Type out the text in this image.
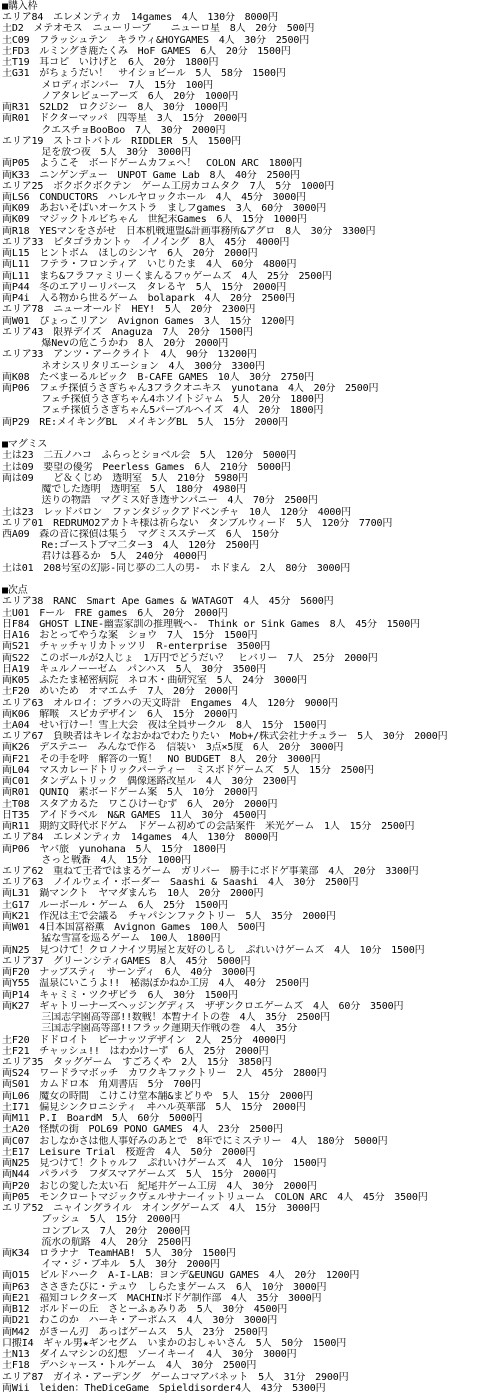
■購入枠
エリア84　エレメンティカ　14games　4人　130分　8000円
土D2　メテオモス　ニューリープ　　ニューロ星　8人　20分　500円
土C09　フラッシュテン　キラウィ&HOYGAMES　4人　30分　2500円
土FD3　ルミングき鹿たくみ　HoF GAMES　6人　20分　1500円
土T19　耳コピ　いけげと　6人　20分　1800円
土G31　がちょうだい！　サイショビール　5人　58分　1500円
　　　　メロディボンバー　7人　15分　100円
　　　　ノアタレビューアーズ　6人　20分　1000円
両R31　S2LD2　ロクジシー　8人　30分　1000円
両R01　ドクターマッパ　四等星　3人　15分　2000円
　　　　クエスチョBooBoo　7人　30分　2000円
エリア19　ストコトバトル　RIDDLER　5人　1500円
　　　　足を放つ夜　5人　30分　3000円
両P05　ようこそ　ボードゲームカフェへ！　COLON ARC　1800円
両K33　ニンゲンデュー　UNPOT Game Lab　8人　40分　2500円
エリア25　ボクボクボクテン　ゲーム工房カコムタク　7人　5分　1000円
両LS6　CONDUCTORS　ハレルヤロックホール　4人　45分　3000円
両K09　あおいそばいオーケストラ　ましフgames　3人　60分　3000円
両K09　マジックトルビちゃん　世紀末Games　6人　15分　1000円
両R18　YESマンをさがせ　日本机戦連盟&計画事務所&アグロ　8人　30分　3300円
エリア33　ピタゴラカントゥ　イノイング　8人　45分　4000円
両L15　ヒントボム　ほしのシンヤ　6人　20分　2000円
両L11　フテラ・フロンティア　いじりたま　4人　60分　4800円
両L11　まち&フラファミリーくまんるフゥゲームズ　4人　25分　2500円
両P44　冬のエアリーリバース　タレるヤ　5人　15分　2000円
両P4i　入る物から世るゲーム　bolapark　4人　20分　2500円
エリア78　ニューオールド　HEY!　5人　20分　2300円
両W01　ぴょっこリアン　Avignon Games　3人　15分　1200円
エリア43　限界デイズ　Anaguza　7人　20分　1500円
　　　　爆Nevの危こうかわ　8人　20分　2000円
エリア33　アンツ・アークライト　4人　90分　13200円
　　　　ネオシスリタリエーション　4人　300分　3300円
両K08　たべまーるルビック　B-CAFE GAMES　10人　30分　2750円
両P06　フェチ探偵うさぎちゃん3フラクオニキス　yunotana　4人　20分　2500円
　　　　フェチ探偵うさぎちゃん4ホソイトジャム　5人　20分　1800円
　　　　フェチ探偵うさぎちゃん5パープルヘイズ　4人　20分　1800円
両P29　RE:メイキングBL　メイキングBL　5人　15分　2000円
■マグミス
土は23　二五ノハコ　ふらっとショベル会　5人　120分　5000円
土は09　要望の優劣　Peerless Games　6人　210分　5000円
両は09　　ど＆くじめ　透明室　5人　210分　5980円
　　　　魔でした透明　透明室　5人　180分　4980円
　　　　送りの物語　マグミス好き透サンパニー　4人　70分　2500円
土は23　レッドバロン　ファンタジックアドベンチャ　10人　120分　4000円
エリア01　REDRUMO2アカトキ様は祈らない　タンブルウィード　5人　120分　7700円
西A09　森の音に探偵は集う　マグミスステーズ　6人　150分
　　　　Re:ゴーストブマ二ター3　4人　120分　2500円
　　　　君けは暮るか　5人　240分　4000円
土は01　208号室の幻影-同じ夢の二人の男-　ホドまん　2人　80分　3000円
■次点
エリア38　RANC　Smart Ape Games & WATAGOT　4人　45分　5600円
土U01　Fール　FRE games　6人　20分　2000円
日F84　GHOST LINE-幽霊家訓の推理戦へ-　Think or Sink Games　8人　45分　1500円
日A16　おとってやうな案　ショウ　7人　15分　1500円
両S21　チャッチャリカトッツリ　R-enterprise　3500円
両S22　このボールが2人じょ　1万円でどうだい？　ヒバリー　7人　25分　2000円
日A19　キュルノーーゼム　パンハス　5人　30分　3500円
両K05　ふたたま秘密病院　ネロ木・曲研究室　5人　24分　3000円
土F20　めいため　オマエムチ　7人　20分　2000円
エリア63　オルロイ：プラハの天文時計　Engames　4人　120分　9000円
両K06　解喉　スピカデザイン　6人　15分　2000円
土A04　せい行けー！雪上大会　夜は全員サークル　8人　15分　1500円
エリア67　負映者はキレイなおかねでわたりたい　Mob+/株式会社ナチュラー　5人　30分　2000円
両K26　デステニー　みんなで作る　信装い　3点×5度　6人　20分　3000円
両F21　その手を呼　解答の一覧！　NO BUDGET　8人　20分　3000円
両L04　マスカレードトリックパーティー　ミスボドゲームズ　5人　15分　2500円
両C01　タンデムトリック　偶像迷路改星ル　4人　30分　2300円
両R01　QUNIQ　素ボードゲーム案　5人　10分　2000円
土T08　スタアカるた　ワこひけーむず　6人　20分　2000円
日T35　アイドラベル　N&R GAMES　11人　30分　4500円
両R11　期約文時代ボドゲム　ドゲーム初めての会話案件　米光ゲーム　1人　15分　2500円
エリア84　エレメンティカ　14games　4人　130分　8000円
両P06　ヤバ旅　yunohana　5人　15分　1800円
　　　　さっと戦番　4人　15分　1000円
エリア62　重ねて王者ではまるゲーム　ガリバー　勝手にボドゲ事業部　4人　20分　3300円
エリア63　ノイルウェイ・ボーダー　Saashi & Saashi　4人　30分　2500円
両L31　鍋マンクト　ヤマダまんち　10人　20分　2000円
土G17　ルーボール・ゲーム　6人　25分　1500円
両K21　作況は主で会議る　チャパシンファクトリー　5人　35分　2000円
両W01　4日本国富裕薫　Avignon Games　100人　500円
　　　　猛な雪富を巡るゲーム　100人　1800円
両N25　見つけて！クロノナイツ男屋と友好のしるし　ぷれいけゲームズ　4人　10分　1500円
エリア37　グリーンシティGAMES　8人　45分　5000円
両F20　ナップスティ　サーンディ　6人　40分　3000円
両Y55　温泉にいこうよ!!　秘湯ぼかねか工房　4人　40分　2500円
両P14　キャミミ・ツクザビラ　6人　30分　1500円
両K27　ギャトリーナーズヘッジングディス　ザザンクロエゲームズ　4人　60分　3500円
　　　　三国志学園高等部!!数戦！本暫ナイトの巻　4人　35分　2500円
　　　　三国志学園高等部!!フラック運期天作戦の巻　4人　35分
土F20　ドドロイト　ピーナッツデザイン　2人　25分　4000円
土F21　チャッシュ!!　はわかけーず　6人　25分　2000円
エリア35　タッグゲーム　すごろくや　2人　15分　3850円
両S24　ワードラマボッチ　カワクキファクトリー　2人　45分　2800円
両S01　カムドロ本　角刈書店　5分　700円
両L06　魔女の時間　こけこけ堂本舗&まどりや　5人　15分　2000円
土I71　偏見シンクロニシティ　ヰハル英華部　5人　15分　2000円
両M11　P.I　BoardM　5人　60分　5000円
土A20　怪獣の街　POL69 PONO GAMES　4人　23分　2500円
両C07　おしなかさは他人事好みのあとで　8年でにミステリー　4人　180分　5000円
土E17　Leisure Trial　桜遊舎　4人　50分　2000円
両N25　見つけて！クトゥルフ　ぷれいけゲームズ　4人　10分　1500円
両N44　パラパラ　フダスマアゲームズ　5人　15分　2000円
両P20　おじの愛した太い石　紀尾井ゲーム工房　4人　30分　2000円
両P05　モンクロートマジックヴェルサナーイットリューム　COLON ARC　4人　45分　3500円
エリア52　ニャイングライル　オイングゲームズ　4人　15分　3000円
　　　　ブッシュ　5人　15分　2000円
　　　　コンブレス　7人　20分　2000円
　　　　流水の航路　4人　20分　2500円
両K34　ロラナナ　TeamHAB!　5人　30分　1500円
　　　　イマ・ジ・ブヰル　5人　30分　2000円
両O15　ビルドハーク　A-I-LAB：ヨンデ&EUNGU GAMES　4人　20分　1200円
両P63　ささきたびに・テュウ　しらたまゲームス　6人　10分　3000円
両E21　福知コレクターズ　MACHINボドゲ制作部　4人　35分　3000円
両B12　ボルドーの丘　さとーふぁみりあ　5人　30分　4500円
両D21　わこのか　ハーキ・アーポムス　4人　30分　3000円
両M42　がきーん刃　あっぱゲームス　5人　23分　2500円
口搬I4　ギャル男★ギンセグム　いまかのおしゃいさん　5人　50分　1500円
土N13　ダイムマシンの幻想　ゾーイキーイ　4人　30分　3000円
土F18　デハシャース・トルゲーム　4人　30分　2500円
エリア87　ガイネ・アーデング　ゲームコマアバネット　5人　31分　2900円
両Wii　leiden：TheDiceGame　Spieldisorder4人　43分　5300円
